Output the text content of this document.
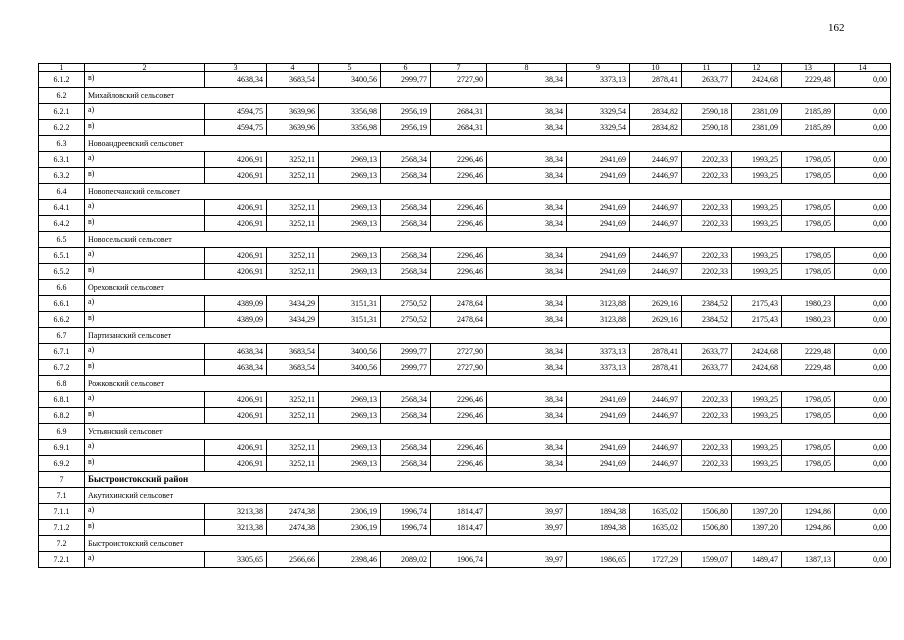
162
1	2	3	4	5	6	7	8	9	10	11	12	13	14
6.1.2	в)	4638,34	3683,54	3400,56	2999,77	2727,90	38,34	3373,13	2878,41	2633,77	2424,68	2229,48	0,00
6.2	Михайловский сельсовет												
6.2.1	а)	4594,75	3639,96	3356,98	2956,19	2684,31	38,34	3329,54	2834,82	2590,18	2381,09	2185,89	0,00
6.2.2	в)	4594,75	3639,96	3356,98	2956,19	2684,31	38,34	3329,54	2834,82	2590,18	2381,09	2185,89	0,00
6.3	Новоандреевский сельсовет												
6.3.1	а)	4206,91	3252,11	2969,13	2568,34	2296,46	38,34	2941,69	2446,97	2202,33	1993,25	1798,05	0,00
6.3.2	в)	4206,91	3252,11	2969,13	2568,34	2296,46	38,34	2941,69	2446,97	2202,33	1993,25	1798,05	0,00
6.4	Новопесчанский сельсовет												
6.4.1	а)	4206,91	3252,11	2969,13	2568,34	2296,46	38,34	2941,69	2446,97	2202,33	1993,25	1798,05	0,00
6.4.2	в)	4206,91	3252,11	2969,13	2568,34	2296,46	38,34	2941,69	2446,97	2202,33	1993,25	1798,05	0,00
6.5	Новосельский сельсовет												
6.5.1	а)	4206,91	3252,11	2969,13	2568,34	2296,46	38,34	2941,69	2446,97	2202,33	1993,25	1798,05	0,00
6.5.2	в)	4206,91	3252,11	2969,13	2568,34	2296,46	38,34	2941,69	2446,97	2202,33	1993,25	1798,05	0,00
6.6	Ореховский сельсовет												
6.6.1	а)	4389,09	3434,29	3151,31	2750,52	2478,64	38,34	3123,88	2629,16	2384,52	2175,43	1980,23	0,00
6.6.2	в)	4389,09	3434,29	3151,31	2750,52	2478,64	38,34	3123,88	2629,16	2384,52	2175,43	1980,23	0,00
6.7	Партизанский сельсовет												
6.7.1	а)	4638,34	3683,54	3400,56	2999,77	2727,90	38,34	3373,13	2878,41	2633,77	2424,68	2229,48	0,00
6.7.2	в)	4638,34	3683,54	3400,56	2999,77	2727,90	38,34	3373,13	2878,41	2633,77	2424,68	2229,48	0,00
6.8	Рожковский сельсовет												
6.8.1	а)	4206,91	3252,11	2969,13	2568,34	2296,46	38,34	2941,69	2446,97	2202,33	1993,25	1798,05	0,00
6.8.2	в)	4206,91	3252,11	2969,13	2568,34	2296,46	38,34	2941,69	2446,97	2202,33	1993,25	1798,05	0,00
6.9	Устьянский сельсовет												
6.9.1	а)	4206,91	3252,11	2969,13	2568,34	2296,46	38,34	2941,69	2446,97	2202,33	1993,25	1798,05	0,00
6.9.2	в)	4206,91	3252,11	2969,13	2568,34	2296,46	38,34	2941,69	2446,97	2202,33	1993,25	1798,05	0,00
7	Быстроистокский район												
7.1	Акутихинский сельсовет												
7.1.1	а)	3213,38	2474,38	2306,19	1996,74	1814,47	39,97	1894,38	1635,02	1506,80	1397,20	1294,86	0,00
7.1.2	в)	3213,38	2474,38	2306,19	1996,74	1814,47	39,97	1894,38	1635,02	1506,80	1397,20	1294,86	0,00
7.2	Быстроистокский сельсовет												
7.2.1	а)	3305,65	2566,66	2398,46	2089,02	1906,74	39,97	1986,65	1727,29	1599,07	1489,47	1387,13	0,00
